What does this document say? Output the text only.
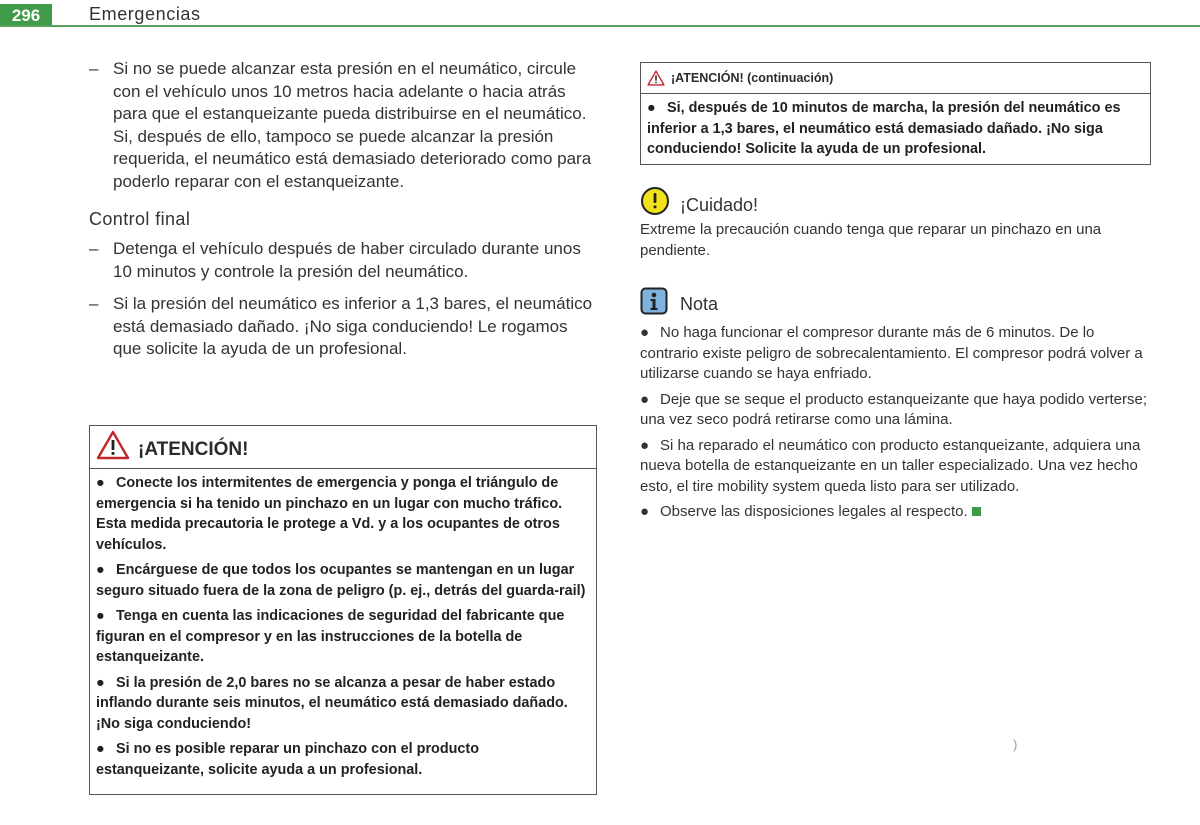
296	Emergencias
– Si no se puede alcanzar esta presión en el neumático, circule con el vehículo unos 10 metros hacia adelante o hacia atrás para que el estanqueizante pueda distribuirse en el neumático. Si, después de ello, tampoco se puede alcanzar la presión requerida, el neumático está demasiado deteriorado como para poderlo reparar con el estanqueizante.
Control final
– Detenga el vehículo después de haber circulado durante unos 10 minutos y controle la presión del neumático.
– Si la presión del neumático es inferior a 1,3 bares, el neumático está demasiado dañado. ¡No siga conduciendo! Le rogamos que solicite la ayuda de un profesional.
¡ATENCIÓN!
● Conecte los intermitentes de emergencia y ponga el triángulo de emergencia si ha tenido un pinchazo en un lugar con mucho tráfico. Esta medida precautoria le protege a Vd. y a los ocupantes de otros vehículos.
● Encárguese de que todos los ocupantes se mantengan en un lugar seguro situado fuera de la zona de peligro (p. ej., detrás del guarda-rail)
● Tenga en cuenta las indicaciones de seguridad del fabricante que figuran en el compresor y en las instrucciones de la botella de estanqueizante.
● Si la presión de 2,0 bares no se alcanza a pesar de haber estado inflando durante seis minutos, el neumático está demasiado dañado. ¡No siga conduciendo!
● Si no es posible reparar un pinchazo con el producto estanqueizante, solicite ayuda a un profesional.
¡ATENCIÓN! (continuación)
● Si, después de 10 minutos de marcha, la presión del neumático es inferior a 1,3 bares, el neumático está demasiado dañado. ¡No siga conduciendo! Solicite la ayuda de un profesional.
¡Cuidado!
Extreme la precaución cuando tenga que reparar un pinchazo en una pendiente.
Nota
● No haga funcionar el compresor durante más de 6 minutos. De lo contrario existe peligro de sobrecalentamiento. El compresor podrá volver a utilizarse cuando se haya enfriado.
● Deje que se seque el producto estanqueizante que haya podido verterse; una vez seco podrá retirarse como una lámina.
● Si ha reparado el neumático con producto estanqueizante, adquiera una nueva botella de estanqueizante en un taller especializado. Una vez hecho esto, el tire mobility system queda listo para ser utilizado.
● Observe las disposiciones legales al respecto.
)
